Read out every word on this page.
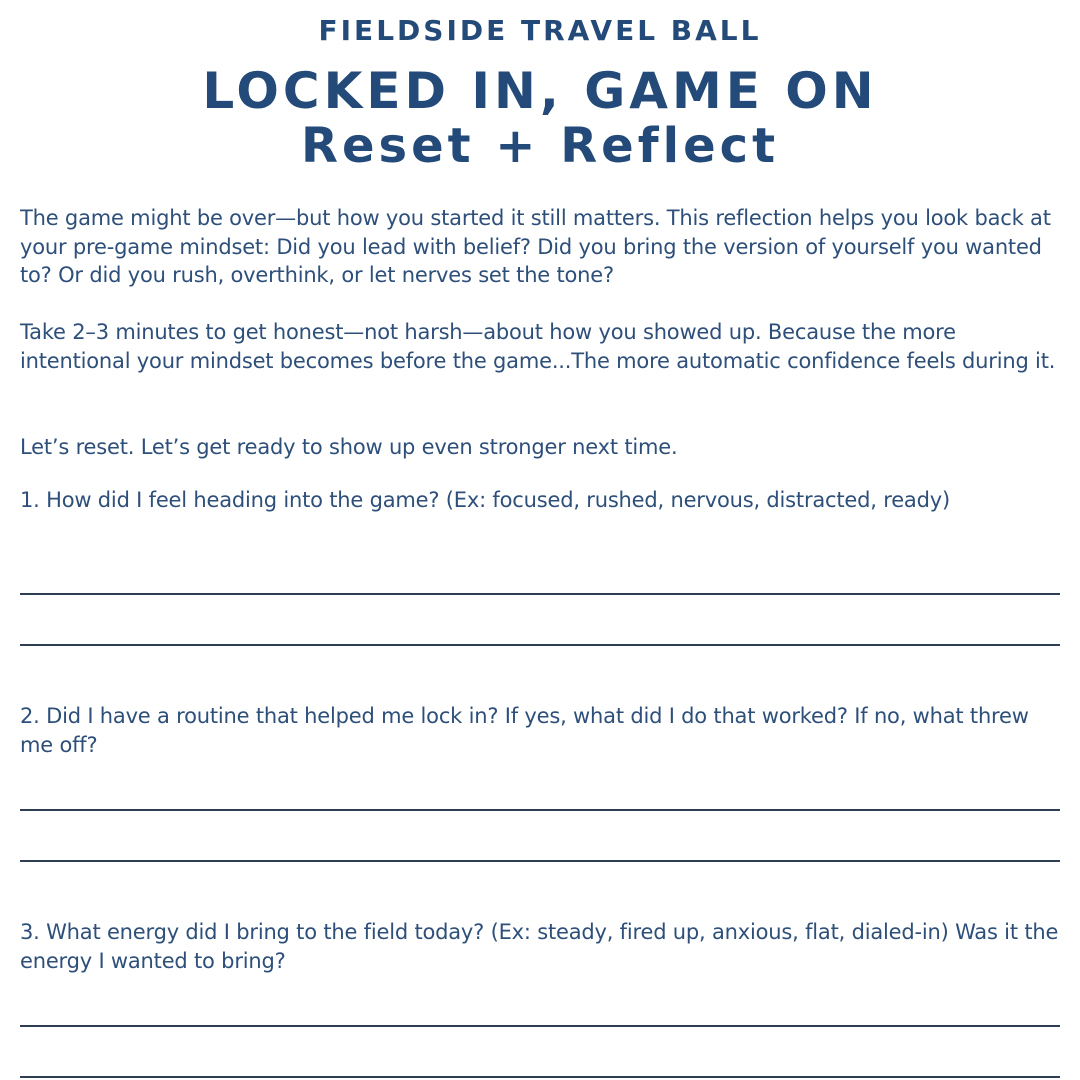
FIELDSIDE TRAVEL BALL
LOCKED IN, GAME ON
Reset + Reflect
The game might be over—but how you started it still matters. This reflection helps you look back at your pre-game mindset: Did you lead with belief? Did you bring the version of yourself you wanted to? Or did you rush, overthink, or let nerves set the tone?
Take 2–3 minutes to get honest—not harsh—about how you showed up. Because the more intentional your mindset becomes before the game...The more automatic confidence feels during it.
Let’s reset. Let’s get ready to show up even stronger next time.
1. How did I feel heading into the game? (Ex: focused, rushed, nervous, distracted, ready)
2. Did I have a routine that helped me lock in? If yes, what did I do that worked? If no, what threw me off?
3. What energy did I bring to the field today? (Ex: steady, fired up, anxious, flat, dialed-in) Was it the energy I wanted to bring?
